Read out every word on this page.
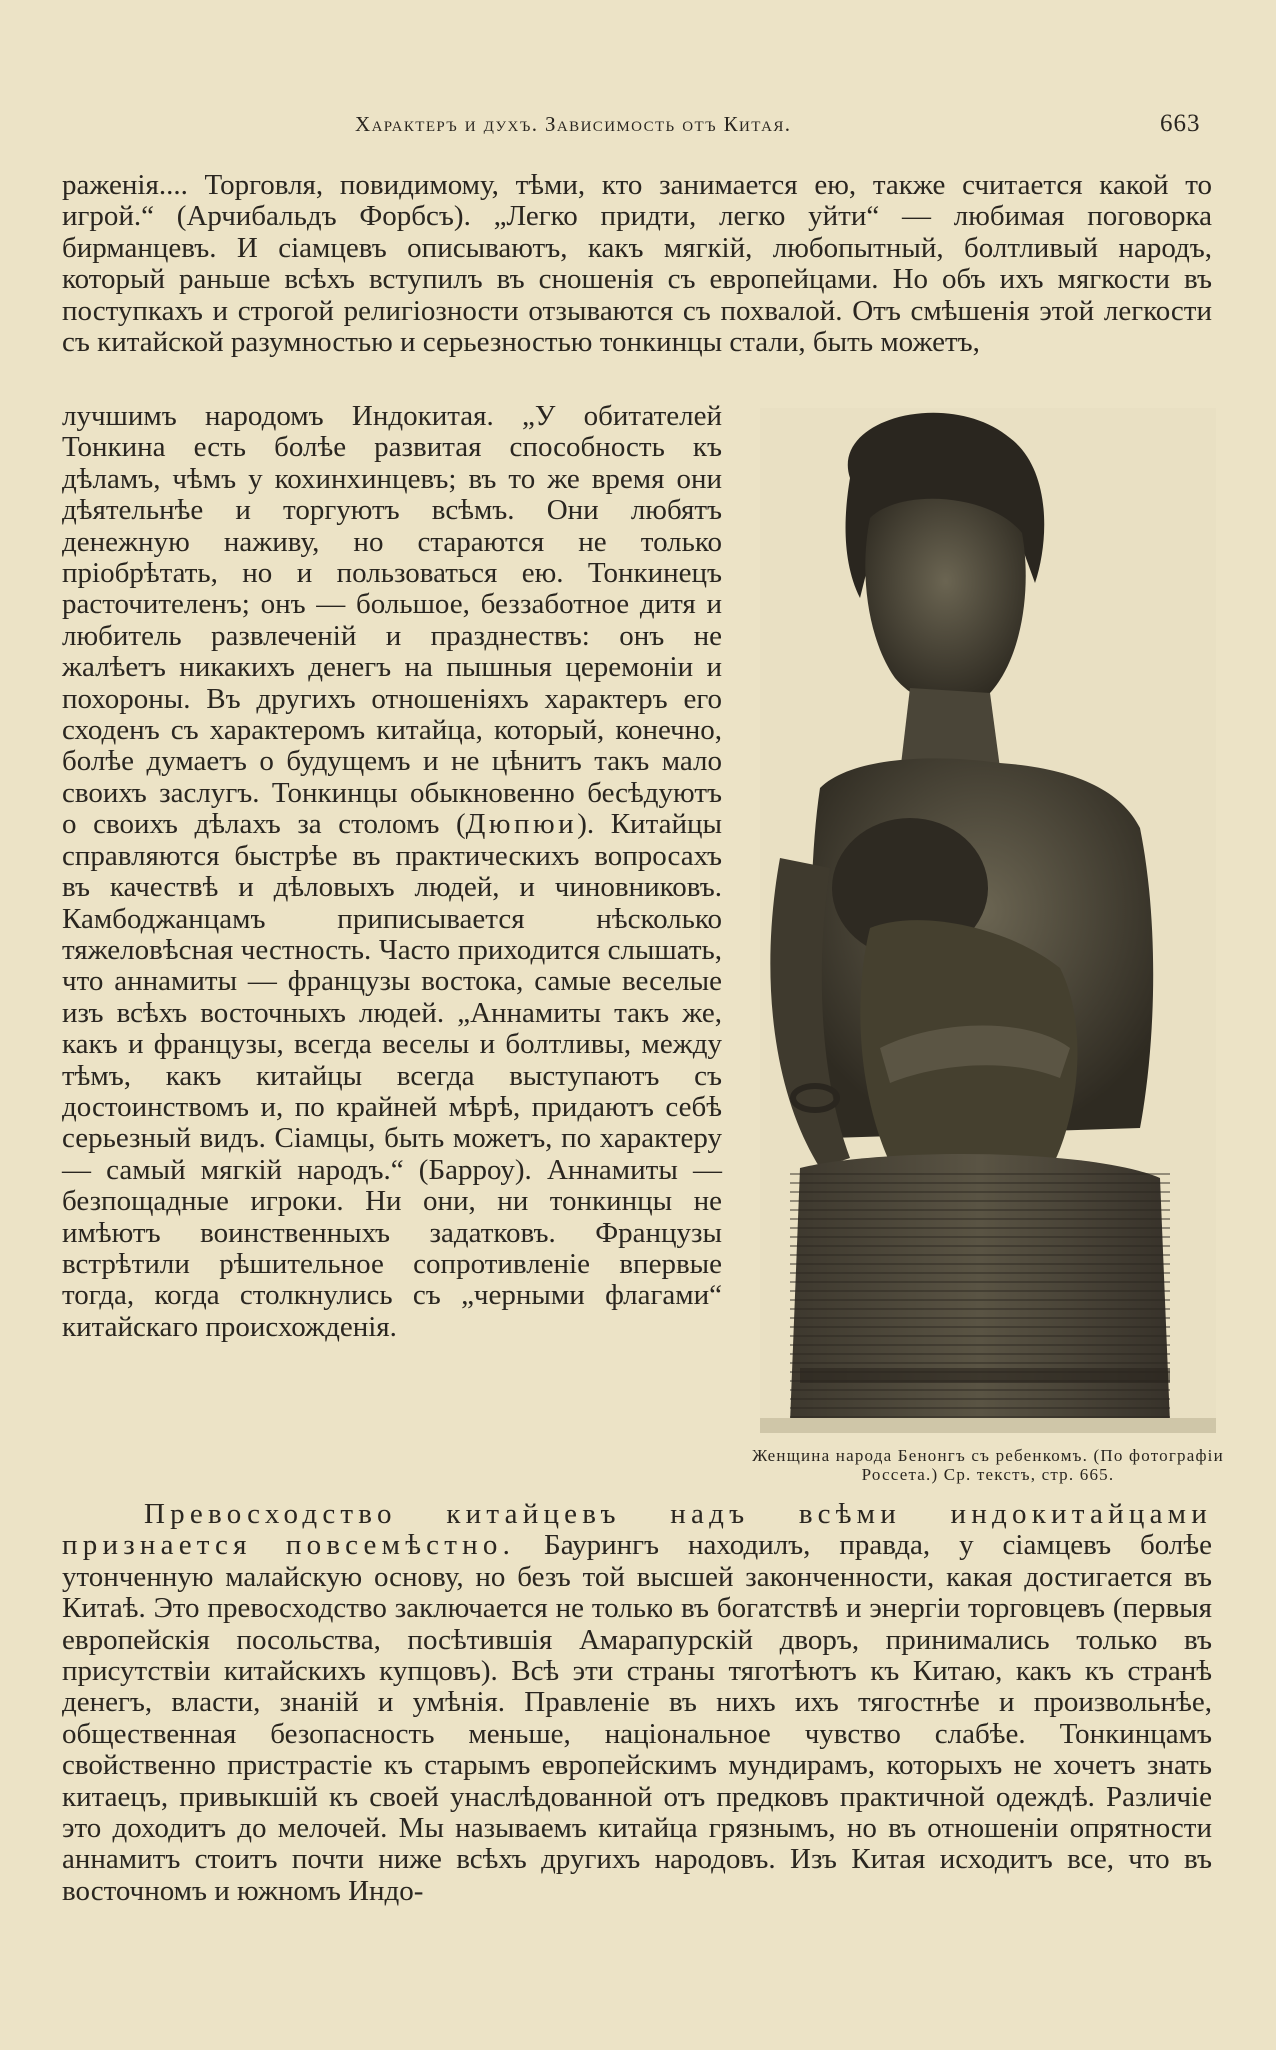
Характеръ и духъ. Зависимость отъ Китая.	663

раженія.... Торговля, повидимому, тѣми, кто занимается ею, также считается какой то игрой.“ (Арчибальдъ Форбсъ). „Легко придти, легко уйти“ — любимая поговорка бирманцевъ. И сіамцевъ описываютъ, какъ мягкій, любопытный, болтливый народъ, который раньше всѣхъ вступилъ въ сношенія съ европейцами. Но объ ихъ мягкости въ поступкахъ и строгой религіозности отзываются съ похвалой. Отъ смѣшенія этой легкости съ китайской разумностью и серьезностью тонкинцы стали, быть можетъ,

лучшимъ народомъ Индокитая. „У обитателей Тонкина есть болѣе развитая способность къ дѣламъ, чѣмъ у кохинхинцевъ; въ то же время они дѣятельнѣе и торгуютъ всѣмъ. Они любятъ денежную наживу, но стараются не только пріобрѣтать, но и пользоваться ею. Тонкинецъ расточителенъ; онъ — большое, беззаботное дитя и любитель развлеченій и празднествъ: онъ не жалѣетъ никакихъ денегъ на пышныя церемоніи и похороны. Въ другихъ отношеніяхъ характеръ его сходенъ съ характеромъ китайца, который, конечно, болѣе думаетъ о будущемъ и не цѣнитъ такъ мало своихъ заслугъ. Тонкинцы обыкновенно бесѣдуютъ о своихъ дѣлахъ за столомъ (Дюпюи). Китайцы справляются быстрѣе въ практическихъ вопросахъ въ качествѣ и дѣловыхъ людей, и чиновниковъ. Камбоджанцамъ приписывается нѣсколько тяжеловѣсная честность. Часто приходится слышать, что аннамиты — французы востока, самые веселые изъ всѣхъ восточныхъ людей. „Аннамиты такъ же, какъ и французы, всегда веселы и болтливы, между тѣмъ, какъ китайцы всегда выступаютъ съ достоинствомъ и, по крайней мѣрѣ, придаютъ себѣ серьезный видъ. Сіамцы, быть можетъ, по характеру — самый мягкій народъ.“ (Барроу). Аннамиты — безпощадные игроки. Ни они, ни тонкинцы не имѣютъ воинственныхъ задатковъ. Французы встрѣтили рѣшительное сопротивленіе впервые тогда, когда столкнулись съ „черными флагами“ китайскаго происхожденія.
Женщина народа Бенонгъ съ ребенкомъ. (По фотографіи Россета.) Ср. текстъ, стр. 665.

Превосходство китайцевъ надъ всѣми индокитайцами признается повсемѣстно. Баурингъ находилъ, правда, у сіамцевъ болѣе утонченную малайскую основу, но безъ той высшей законченности, какая достигается въ Китаѣ. Это превосходство заключается не только въ богатствѣ и энергіи торговцевъ (первыя европейскія посольства, посѣтившія Амарапурскій дворъ, принимались только въ присутствіи китайскихъ купцовъ). Всѣ эти страны тяготѣютъ къ Китаю, какъ къ странѣ денегъ, власти, знаній и умѣнія. Правленіе въ нихъ ихъ тягостнѣе и произвольнѣе, общественная безопасность меньше, національное чувство слабѣе. Тонкинцамъ свойственно пристрастіе къ старымъ европейскимъ мундирамъ, которыхъ не хочетъ знать китаецъ, привыкшій къ своей унаслѣдованной отъ предковъ практичной одеждѣ. Различіе это доходитъ до мелочей. Мы называемъ китайца грязнымъ, но въ отношеніи опрятности аннамитъ стоитъ почти ниже всѣхъ другихъ народовъ. Изъ Китая исходитъ все, что въ восточномъ и южномъ Индо-
